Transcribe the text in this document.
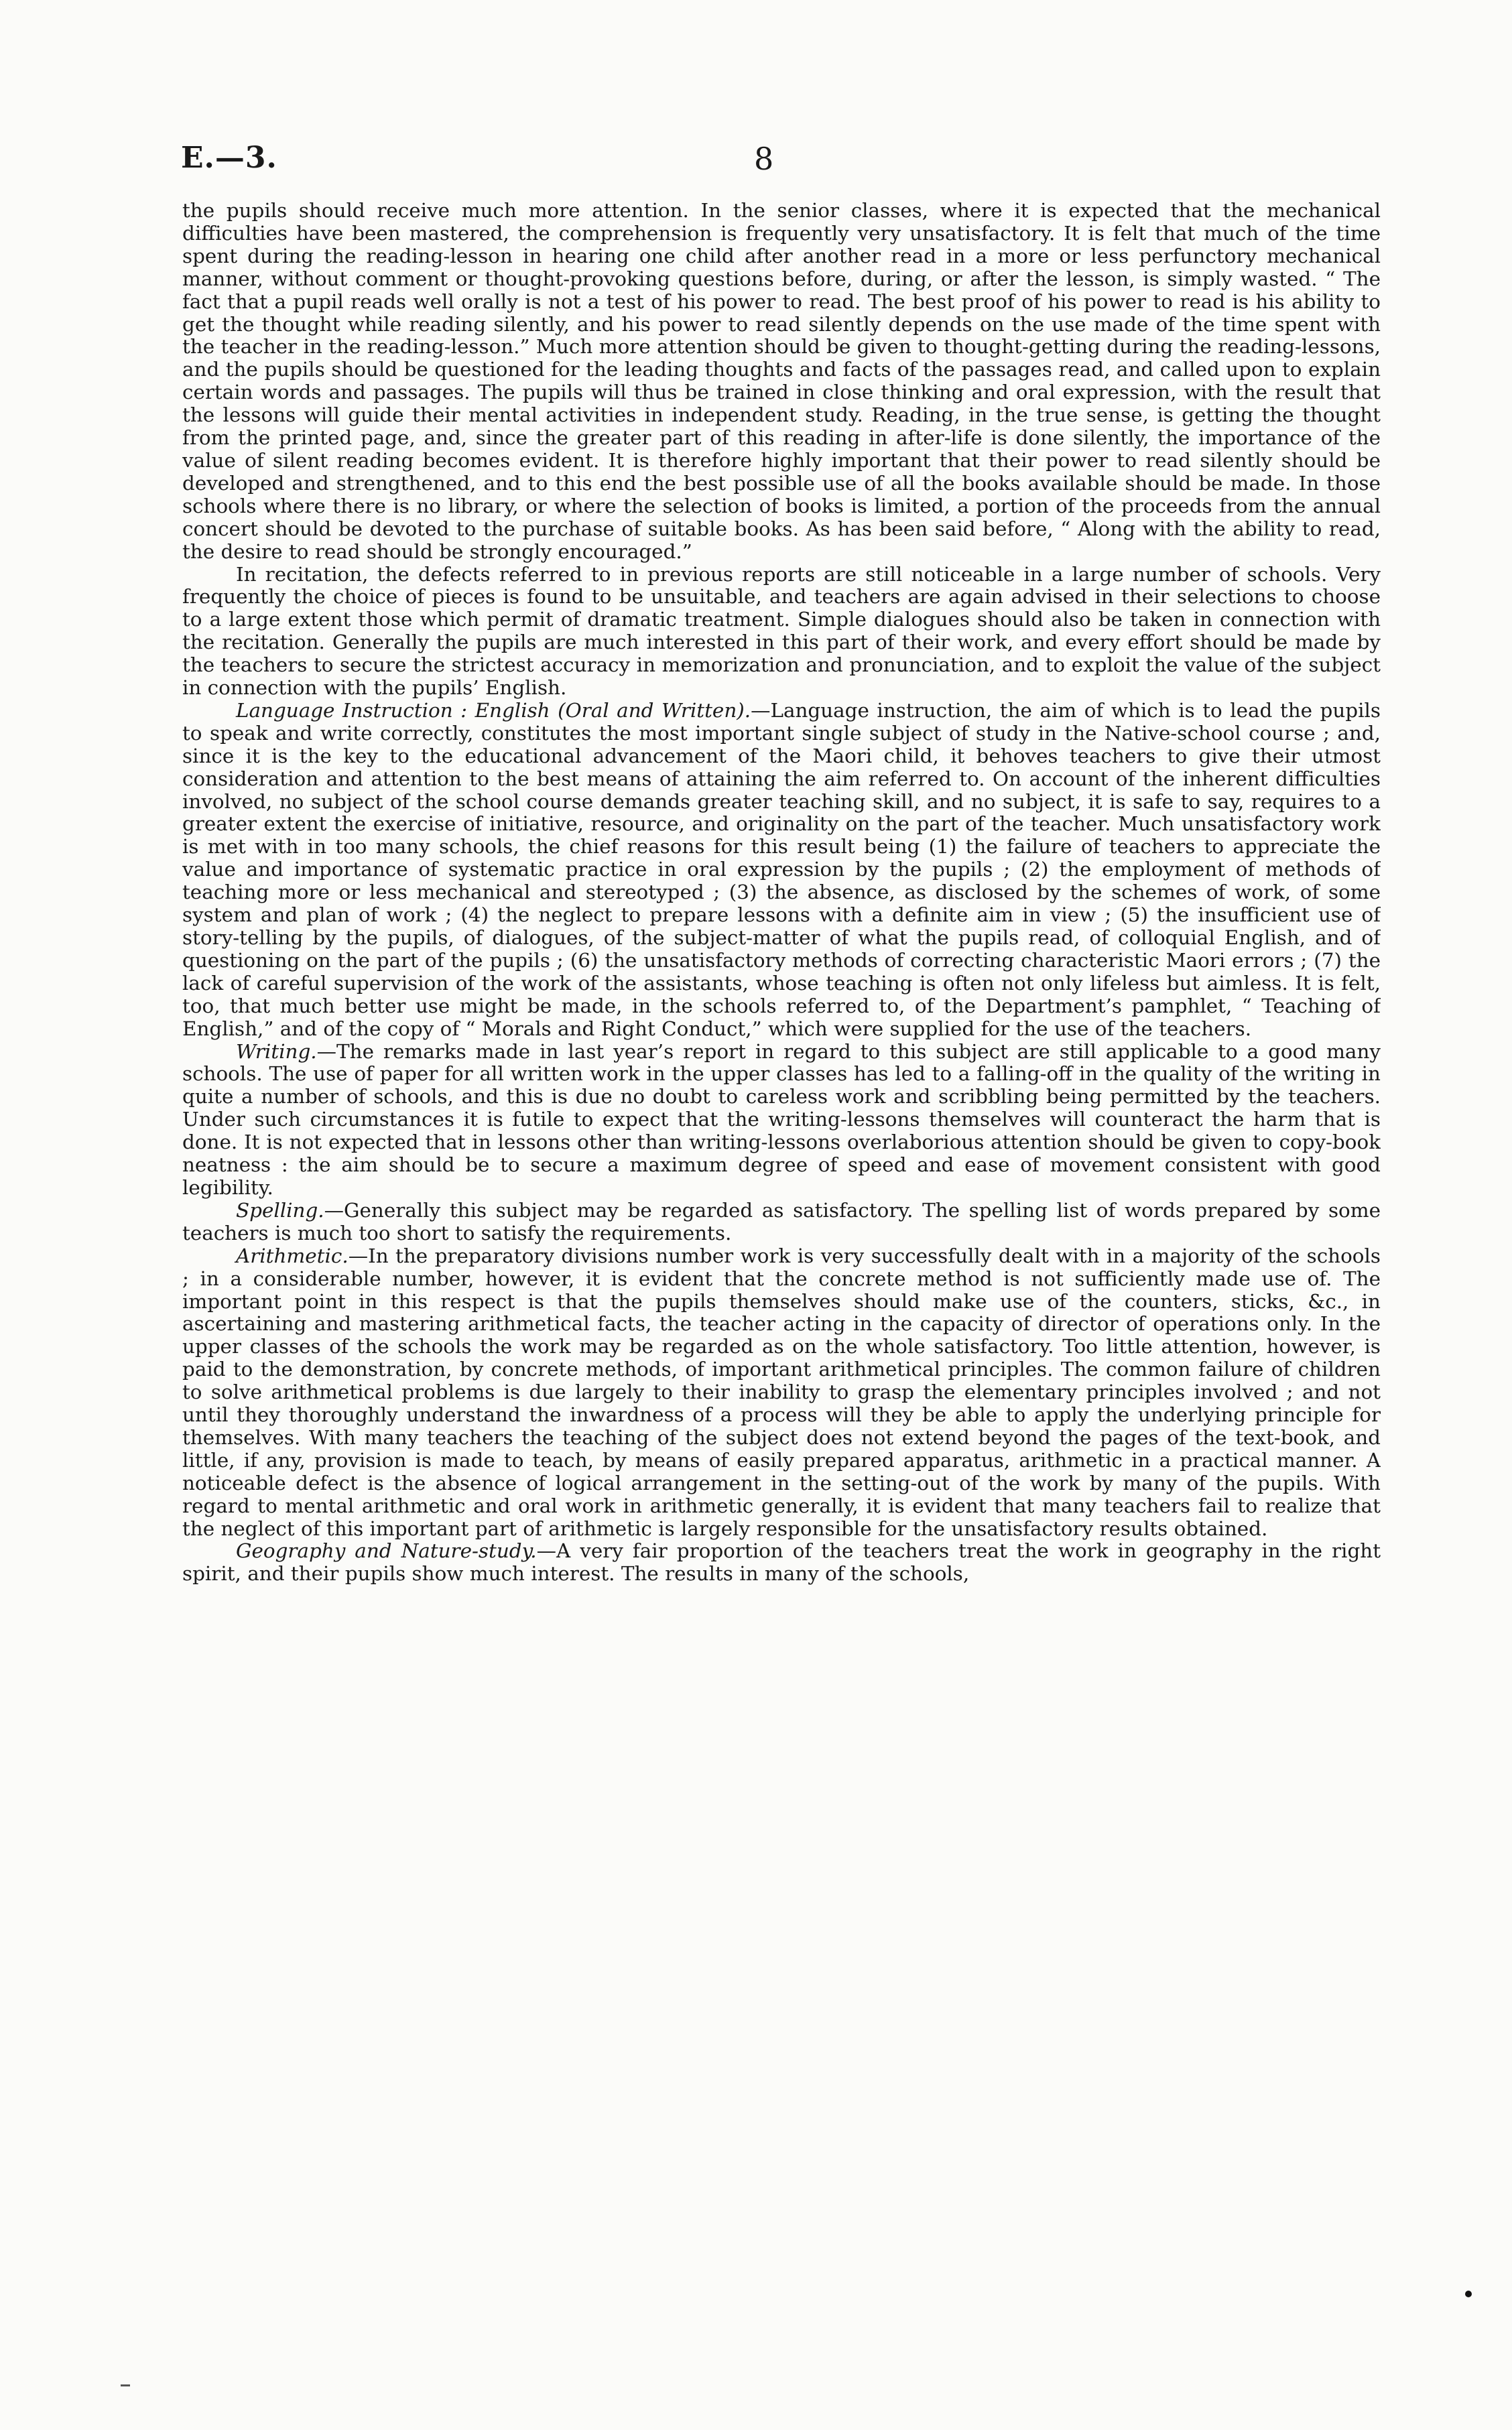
E.—3.	8

the pupils should receive much more attention. In the senior classes, where it is expected that the mechanical difficulties have been mastered, the comprehension is frequently very unsatisfactory. It is felt that much of the time spent during the reading-lesson in hearing one child after another read in a more or less perfunctory mechanical manner, without comment or thought-provoking questions before, during, or after the lesson, is simply wasted. “ The fact that a pupil reads well orally is not a test of his power to read. The best proof of his power to read is his ability to get the thought while reading silently, and his power to read silently depends on the use made of the time spent with the teacher in the reading-lesson.” Much more attention should be given to thought-getting during the reading-lessons, and the pupils should be questioned for the leading thoughts and facts of the passages read, and called upon to explain certain words and passages. The pupils will thus be trained in close thinking and oral expression, with the result that the lessons will guide their mental activities in independent study. Reading, in the true sense, is getting the thought from the printed page, and, since the greater part of this reading in after-life is done silently, the importance of the value of silent reading becomes evident. It is therefore highly important that their power to read silently should be developed and strengthened, and to this end the best possible use of all the books available should be made. In those schools where there is no library, or where the selection of books is limited, a portion of the proceeds from the annual concert should be devoted to the purchase of suitable books. As has been said before, “ Along with the ability to read, the desire to read should be strongly encouraged.”

In recitation, the defects referred to in previous reports are still noticeable in a large number of schools. Very frequently the choice of pieces is found to be unsuitable, and teachers are again advised in their selections to choose to a large extent those which permit of dramatic treatment. Simple dialogues should also be taken in connection with the recitation. Generally the pupils are much interested in this part of their work, and every effort should be made by the teachers to secure the strictest accuracy in memorization and pronunciation, and to exploit the value of the subject in connection with the pupils’ English.

Language Instruction : English (Oral and Written).—Language instruction, the aim of which is to lead the pupils to speak and write correctly, constitutes the most important single subject of study in the Native-school course ; and, since it is the key to the educational advancement of the Maori child, it behoves teachers to give their utmost consideration and attention to the best means of attaining the aim referred to. On account of the inherent difficulties involved, no subject of the school course demands greater teaching skill, and no subject, it is safe to say, requires to a greater extent the exercise of initiative, resource, and originality on the part of the teacher. Much unsatisfactory work is met with in too many schools, the chief reasons for this result being (1) the failure of teachers to appreciate the value and importance of systematic practice in oral expression by the pupils ; (2) the employment of methods of teaching more or less mechanical and stereotyped ; (3) the absence, as disclosed by the schemes of work, of some system and plan of work ; (4) the neglect to prepare lessons with a definite aim in view ; (5) the insufficient use of story-telling by the pupils, of dialogues, of the subject-matter of what the pupils read, of colloquial English, and of questioning on the part of the pupils ; (6) the unsatisfactory methods of correcting characteristic Maori errors ; (7) the lack of careful supervision of the work of the assistants, whose teaching is often not only lifeless but aimless. It is felt, too, that much better use might be made, in the schools referred to, of the Department’s pamphlet, “ Teaching of English,” and of the copy of “ Morals and Right Conduct,” which were supplied for the use of the teachers.

Writing.—The remarks made in last year’s report in regard to this subject are still applicable to a good many schools. The use of paper for all written work in the upper classes has led to a falling-off in the quality of the writing in quite a number of schools, and this is due no doubt to careless work and scribbling being permitted by the teachers. Under such circumstances it is futile to expect that the writing-lessons themselves will counteract the harm that is done. It is not expected that in lessons other than writing-lessons overlaborious attention should be given to copy-book neatness : the aim should be to secure a maximum degree of speed and ease of movement consistent with good legibility.

Spelling.—Generally this subject may be regarded as satisfactory. The spelling list of words prepared by some teachers is much too short to satisfy the requirements.

Arithmetic.—In the preparatory divisions number work is very successfully dealt with in a majority of the schools ; in a considerable number, however, it is evident that the concrete method is not sufficiently made use of. The important point in this respect is that the pupils themselves should make use of the counters, sticks, &c., in ascertaining and mastering arithmetical facts, the teacher acting in the capacity of director of operations only. In the upper classes of the schools the work may be regarded as on the whole satisfactory. Too little attention, however, is paid to the demonstration, by concrete methods, of important arithmetical principles. The common failure of children to solve arithmetical problems is due largely to their inability to grasp the elementary principles involved ; and not until they thoroughly understand the inwardness of a process will they be able to apply the underlying principle for themselves. With many teachers the teaching of the subject does not extend beyond the pages of the text-book, and little, if any, provision is made to teach, by means of easily prepared apparatus, arithmetic in a practical manner. A noticeable defect is the absence of logical arrangement in the setting-out of the work by many of the pupils. With regard to mental arithmetic and oral work in arithmetic generally, it is evident that many teachers fail to realize that the neglect of this important part of arithmetic is largely responsible for the unsatisfactory results obtained.

Geography and Nature-study.—A very fair proportion of the teachers treat the work in geography in the right spirit, and their pupils show much interest. The results in many of the schools,
